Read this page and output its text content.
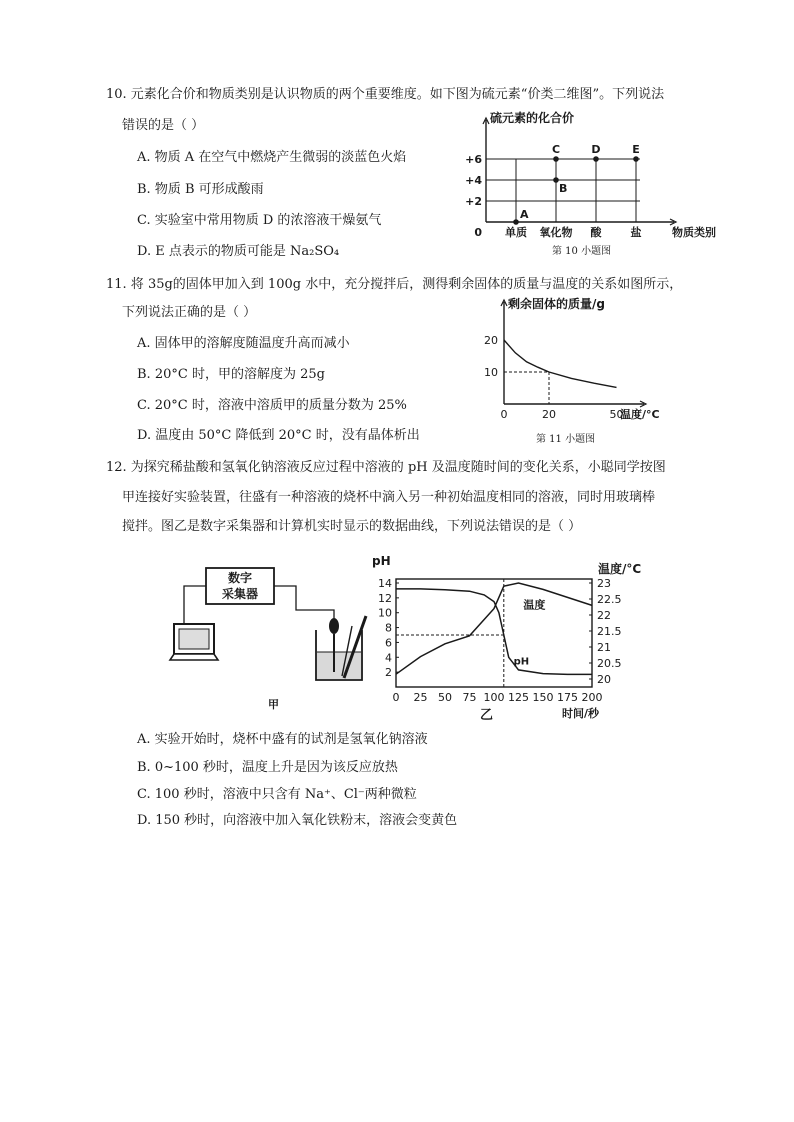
10. 元素化合价和物质类别是认识物质的两个重要维度。如下图为硫元素“价类二维图”。下列说法
错误的是（ ）
A. 物质 A 在空气中燃烧产生微弱的淡蓝色火焰
B. 物质 B 可形成酸雨
C. 实验室中常用物质 D 的浓溶液干燥氨气
D. E 点表示的物质可能是 Na₂SO₄
硫元素的化合价
物质类别
单质 氧化物 酸	盐
0
+2
+4
+6
A
B
C	D	E
第 10 小题图
11. 将 35g的固体甲加入到 100g 水中，充分搅拌后，测得剩余固体的质量与温度的关系如图所示，
下列说法正确的是（ ）
A. 固体甲的溶解度随温度升高而减小
B. 20°C 时，甲的溶解度为 25g
C. 20°C 时，溶液中溶质甲的质量分数为 25%
D. 温度由 50°C 降低到 20°C 时，没有晶体析出
剩余固体的质量/g
温度/°C
0	20	50
10
20
第 11 小题图
12. 为探究稀盐酸和氢氧化钠溶液反应过程中溶液的 pH 及温度随时间的变化关系，小聪同学按图
甲连接好实验装置，往盛有一种溶液的烧杯中滴入另一种初始温度相同的溶液，同时用玻璃棒
搅拌。图乙是数字采集器和计算机实时显示的数据曲线，下列说法错误的是（ ）
数字
采集器
甲
pH
温度/°C
2
4
6
8
10
12
14
20
20.5
21
21.5
22
22.5
23
0 25 50 75 100 125 150 175 200
时间/秒
乙
温度
pH
A. 实验开始时，烧杯中盛有的试剂是氢氧化钠溶液
B. 0~100 秒时，温度上升是因为该反应放热
C. 100 秒时，溶液中只含有 Na⁺、Cl⁻两种微粒
D. 150 秒时，向溶液中加入氧化铁粉末，溶液会变黄色
